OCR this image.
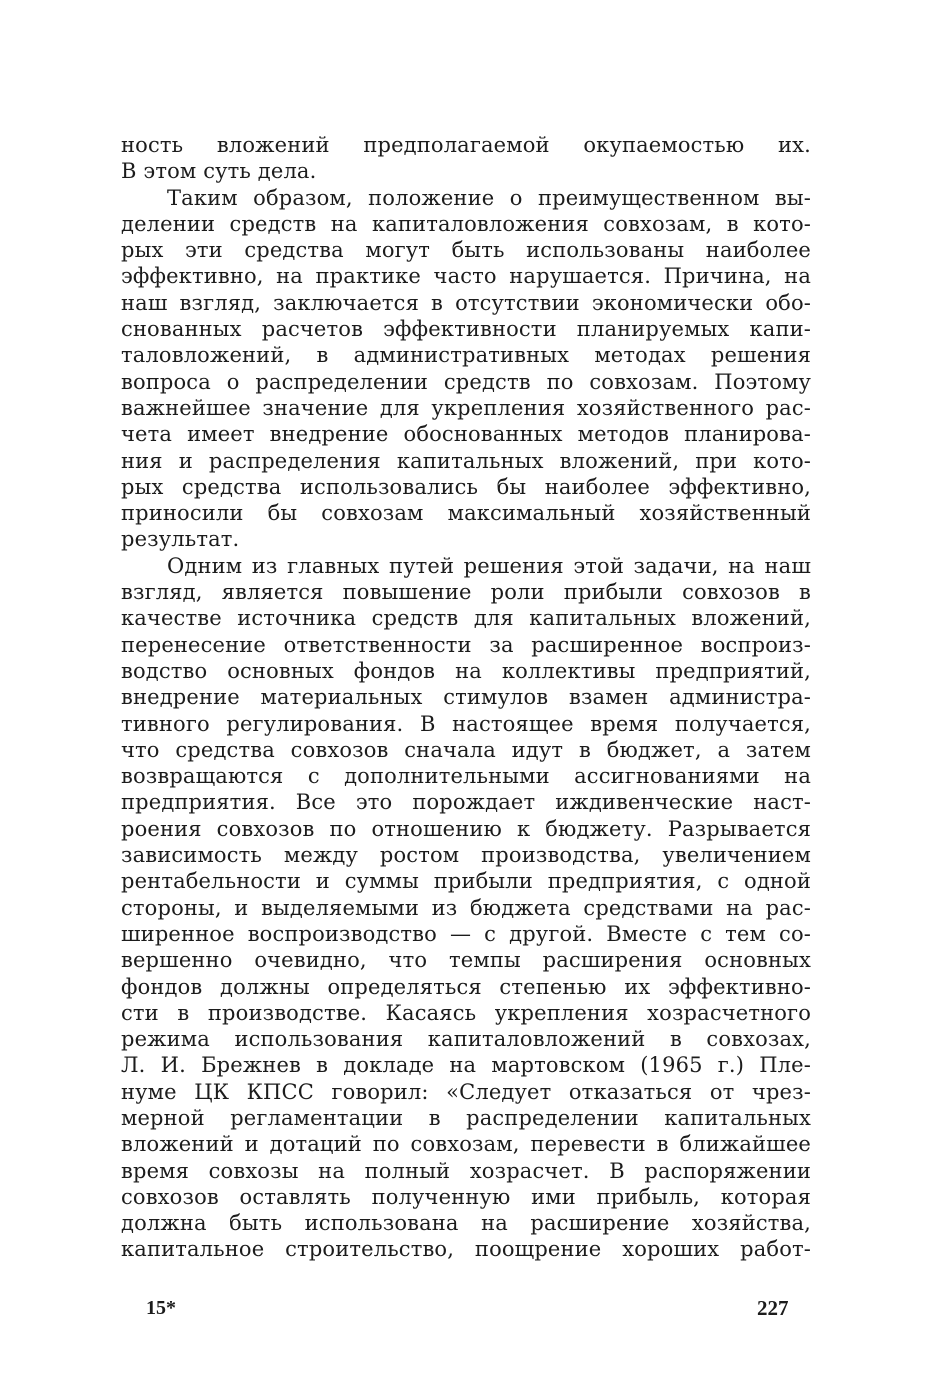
ность вложений предполагаемой окупаемостью их.
В этом суть дела.
Таким образом, положение о преимущественном вы-
делении средств на капиталовложения совхозам, в кото-
рых эти средства могут быть использованы наиболее
эффективно, на практике часто нарушается. Причина, на
наш взгляд, заключается в отсутствии экономически обо-
снованных расчетов эффективности планируемых капи-
таловложений, в административных методах решения
вопроса о распределении средств по совхозам. Поэтому
важнейшее значение для укрепления хозяйственного рас-
чета имеет внедрение обоснованных методов планирова-
ния и распределения капитальных вложений, при кото-
рых средства использовались бы наиболее эффективно,
приносили бы совхозам максимальный хозяйственный
результат.
Одним из главных путей решения этой задачи, на наш
взгляд, является повышение роли прибыли совхозов в
качестве источника средств для капитальных вложений,
перенесение ответственности за расширенное воспроиз-
водство основных фондов на коллективы предприятий,
внедрение материальных стимулов взамен администра-
тивного регулирования. В настоящее время получается,
что средства совхозов сначала идут в бюджет, а затем
возвращаются с дополнительными ассигнованиями на
предприятия. Все это порождает иждивенческие наст-
роения совхозов по отношению к бюджету. Разрывается
зависимость между ростом производства, увеличением
рентабельности и суммы прибыли предприятия, с одной
стороны, и выделяемыми из бюджета средствами на рас-
ширенное воспроизводство — с другой. Вместе с тем со-
вершенно очевидно, что темпы расширения основных
фондов должны определяться степенью их эффективно-
сти в производстве. Касаясь укрепления хозрасчетного
режима использования капиталовложений в совхозах,
Л. И. Брежнев в докладе на мартовском (1965 г.) Пле-
нуме ЦК КПСС говорил: «Следует отказаться от чрез-
мерной регламентации в распределении капитальных
вложений и дотаций по совхозам, перевести в ближайшее
время совхозы на полный хозрасчет. В распоряжении
совхозов оставлять полученную ими прибыль, которая
должна быть использована на расширение хозяйства,
капитальное строительство, поощрение хороших работ-
15*	227
